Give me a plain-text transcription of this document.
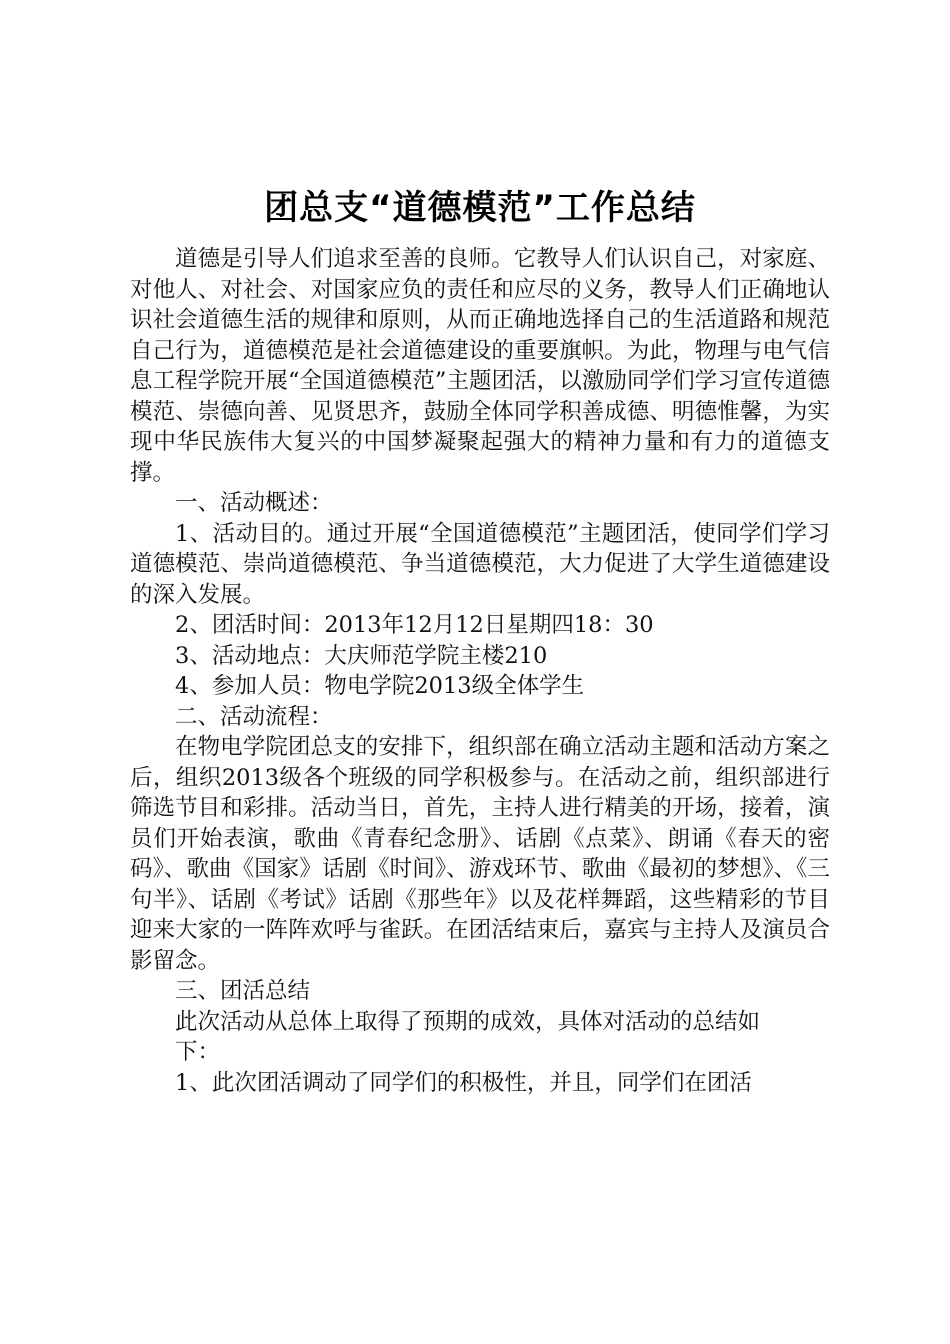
团总支“道德模范”工作总结

道德是引导人们追求至善的良师。它教导人们认识自己，对家庭、对他人、对社会、对国家应负的责任和应尽的义务，教导人们正确地认识社会道德生活的规律和原则，从而正确地选择自己的生活道路和规范自己行为，道德模范是社会道德建设的重要旗帜。为此，物理与电气信息工程学院开展“全国道德模范”主题团活，以激励同学们学习宣传道德模范、崇德向善、见贤思齐，鼓励全体同学积善成德、明德惟馨，为实现中华民族伟大复兴的中国梦凝聚起强大的精神力量和有力的道德支撑。

一、活动概述：

1、活动目的。通过开展“全国道德模范”主题团活，使同学们学习道德模范、崇尚道德模范、争当道德模范，大力促进了大学生道德建设的深入发展。

2、团活时间：2013年12月12日星期四18：30

3、活动地点：大庆师范学院主楼210

4、参加人员：物电学院2013级全体学生

二、活动流程：

在物电学院团总支的安排下，组织部在确立活动主题和活动方案之后，组织2013级各个班级的同学积极参与。在活动之前，组织部进行筛选节目和彩排。活动当日，首先，主持人进行精美的开场，接着，演员们开始表演，歌曲《青春纪念册》、话剧《点菜》、朗诵《春天的密码》、歌曲《国家》话剧《时间》、游戏环节、歌曲《最初的梦想》、《三句半》、话剧《考试》话剧《那些年》以及花样舞蹈，这些精彩的节目迎来大家的一阵阵欢呼与雀跃。在团活结束后，嘉宾与主持人及演员合影留念。

三、团活总结

此次活动从总体上取得了预期的成效，具体对活动的总结如

下：

1、此次团活调动了同学们的积极性，并且，同学们在团活
